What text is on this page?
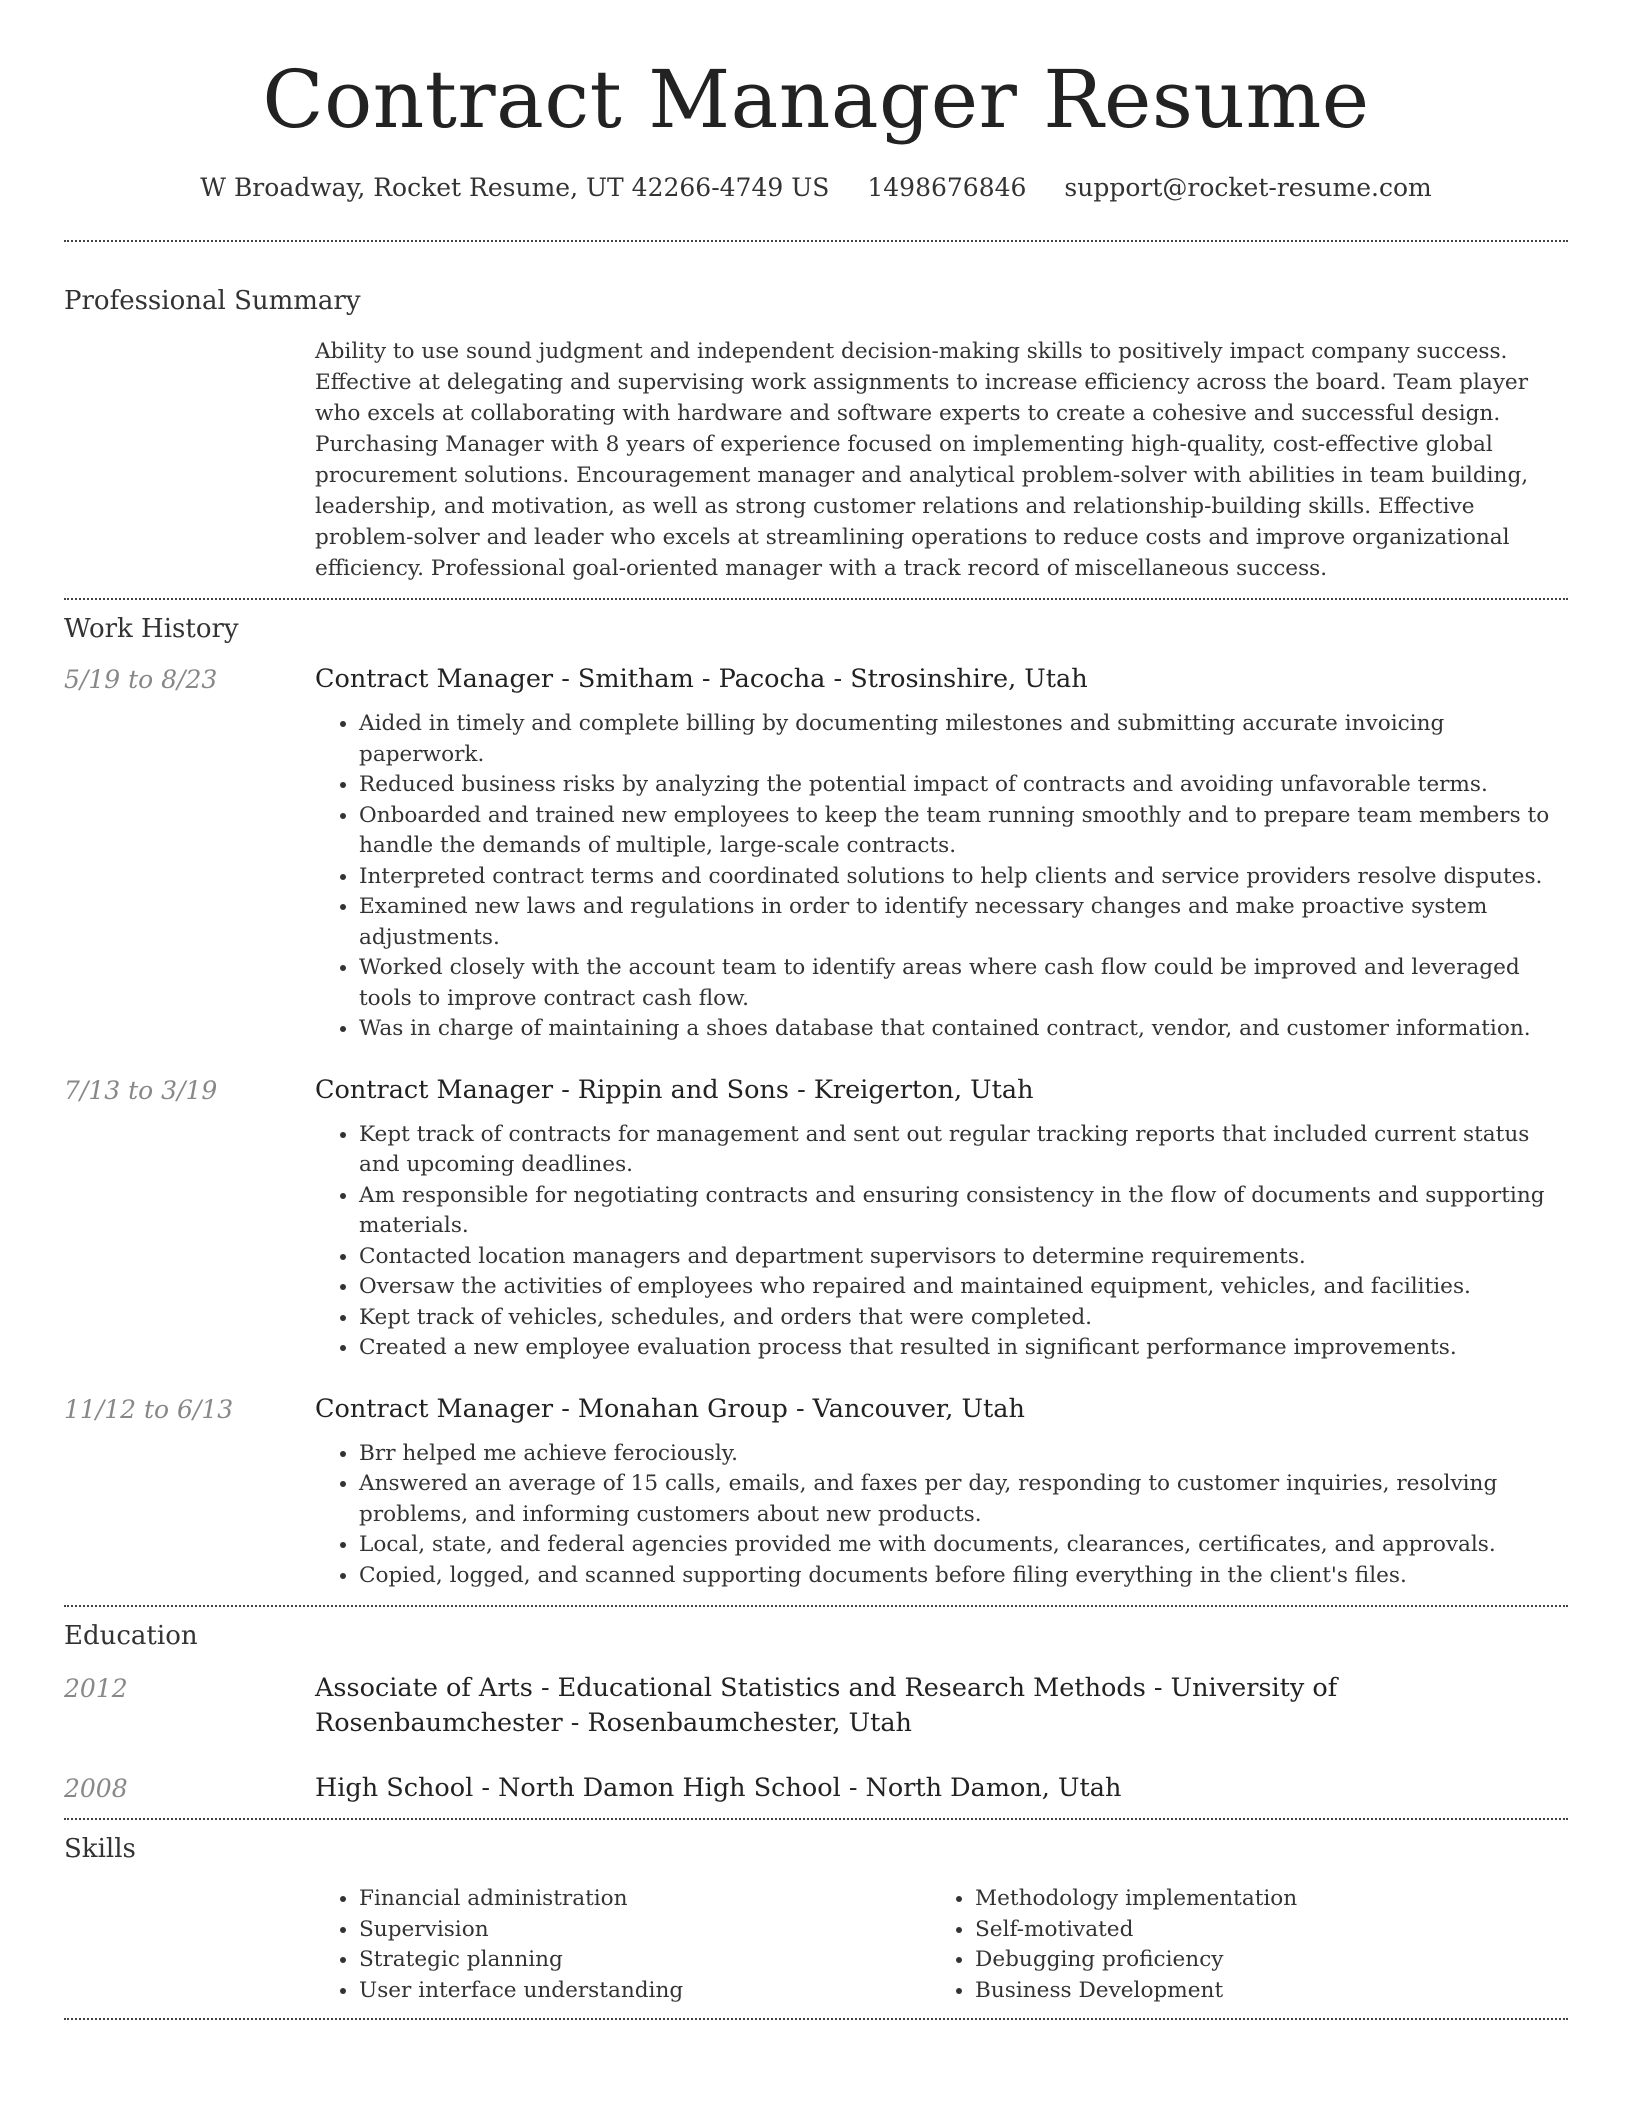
Contract Manager Resume
W Broadway, Rocket Resume, UT 42266-4749 US 1498676846 support@rocket-resume.com
Professional Summary
Ability to use sound judgment and independent decision-making skills to positively impact company success. Effective at delegating and supervising work assignments to increase efficiency across the board. Team player who excels at collaborating with hardware and software experts to create a cohesive and successful design. Purchasing Manager with 8 years of experience focused on implementing high-quality, cost-effective global procurement solutions. Encouragement manager and analytical problem-solver with abilities in team building, leadership, and motivation, as well as strong customer relations and relationship-building skills. Effective problem-solver and leader who excels at streamlining operations to reduce costs and improve organizational efficiency. Professional goal-oriented manager with a track record of miscellaneous success.
Work History
5/19 to 8/23	Contract Manager - Smitham - Pacocha - Strosinshire, Utah
• Aided in timely and complete billing by documenting milestones and submitting accurate invoicing paperwork.
• Reduced business risks by analyzing the potential impact of contracts and avoiding unfavorable terms.
• Onboarded and trained new employees to keep the team running smoothly and to prepare team members to handle the demands of multiple, large-scale contracts.
• Interpreted contract terms and coordinated solutions to help clients and service providers resolve disputes.
• Examined new laws and regulations in order to identify necessary changes and make proactive system adjustments.
• Worked closely with the account team to identify areas where cash flow could be improved and leveraged tools to improve contract cash flow.
• Was in charge of maintaining a shoes database that contained contract, vendor, and customer information.
7/13 to 3/19	Contract Manager - Rippin and Sons - Kreigerton, Utah
• Kept track of contracts for management and sent out regular tracking reports that included current status and upcoming deadlines.
• Am responsible for negotiating contracts and ensuring consistency in the flow of documents and supporting materials.
• Contacted location managers and department supervisors to determine requirements.
• Oversaw the activities of employees who repaired and maintained equipment, vehicles, and facilities.
• Kept track of vehicles, schedules, and orders that were completed.
• Created a new employee evaluation process that resulted in significant performance improvements.
11/12 to 6/13	Contract Manager - Monahan Group - Vancouver, Utah
• Brr helped me achieve ferociously.
• Answered an average of 15 calls, emails, and faxes per day, responding to customer inquiries, resolving problems, and informing customers about new products.
• Local, state, and federal agencies provided me with documents, clearances, certificates, and approvals.
• Copied, logged, and scanned supporting documents before filing everything in the client's files.
Education
2012	Associate of Arts - Educational Statistics and Research Methods - University of Rosenbaumchester - Rosenbaumchester, Utah
2008	High School - North Damon High School - North Damon, Utah
Skills
• Financial administration
• Supervision
• Strategic planning
• User interface understanding
• Methodology implementation
• Self-motivated
• Debugging proficiency
• Business Development
